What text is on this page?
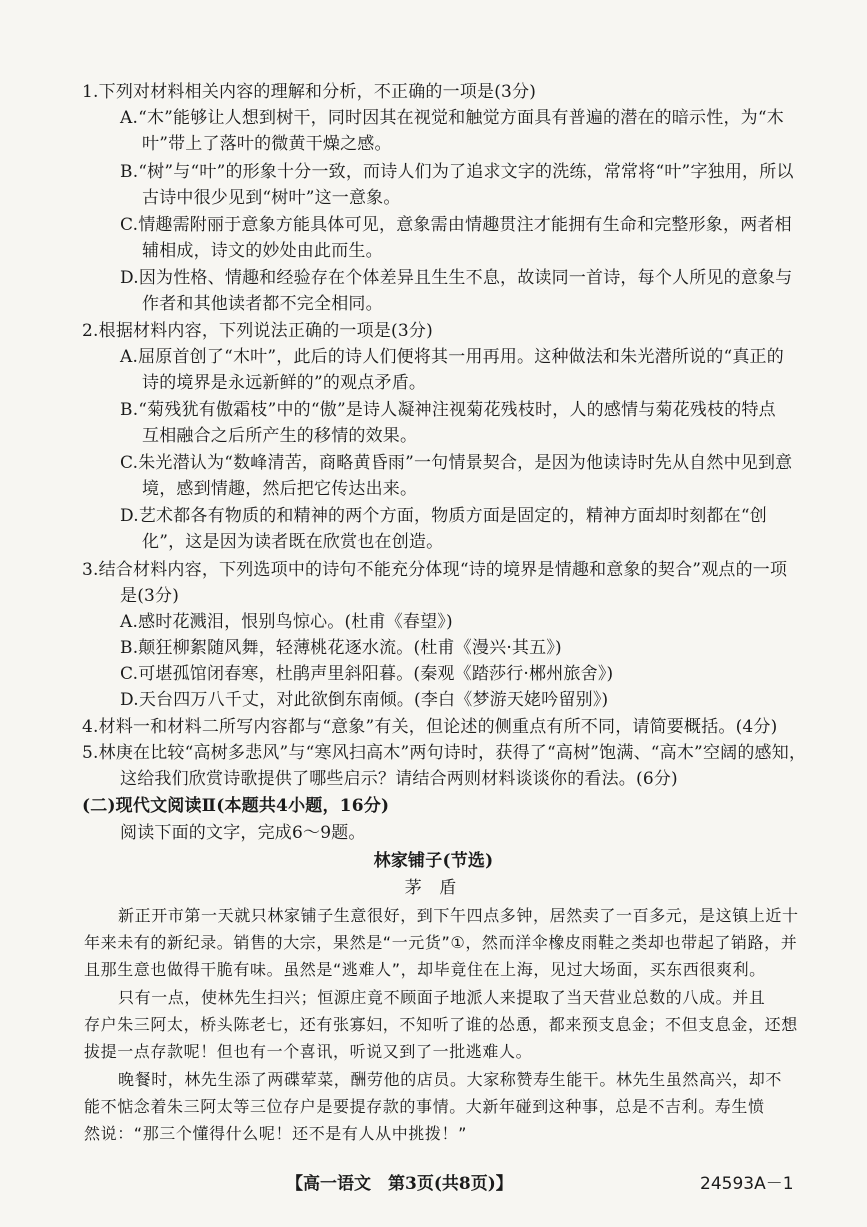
1.下列对材料相关内容的理解和分析，不正确的一项是(3分)
A.“木”能够让人想到树干，同时因其在视觉和触觉方面具有普遍的潜在的暗示性，为“木
叶”带上了落叶的微黄干燥之感。
B.“树”与“叶”的形象十分一致，而诗人们为了追求文字的洗练，常常将“叶”字独用，所以
古诗中很少见到“树叶”这一意象。
C.情趣需附丽于意象方能具体可见，意象需由情趣贯注才能拥有生命和完整形象，两者相
辅相成，诗文的妙处由此而生。
D.因为性格、情趣和经验存在个体差异且生生不息，故读同一首诗，每个人所见的意象与
作者和其他读者都不完全相同。
2.根据材料内容，下列说法正确的一项是(3分)
A.屈原首创了“木叶”，此后的诗人们便将其一用再用。这种做法和朱光潜所说的“真正的
诗的境界是永远新鲜的”的观点矛盾。
B.“菊残犹有傲霜枝”中的“傲”是诗人凝神注视菊花残枝时，人的感情与菊花残枝的特点
互相融合之后所产生的移情的效果。
C.朱光潜认为“数峰清苦，商略黄昏雨”一句情景契合，是因为他读诗时先从自然中见到意
境，感到情趣，然后把它传达出来。
D.艺术都各有物质的和精神的两个方面，物质方面是固定的，精神方面却时刻都在“创
化”，这是因为读者既在欣赏也在创造。
3.结合材料内容，下列选项中的诗句不能充分体现“诗的境界是情趣和意象的契合”观点的一项
是(3分)
A.感时花溅泪，恨别鸟惊心。(杜甫《春望》)
B.颠狂柳絮随风舞，轻薄桃花逐水流。(杜甫《漫兴·其五》)
C.可堪孤馆闭春寒，杜鹃声里斜阳暮。(秦观《踏莎行·郴州旅舍》)
D.天台四万八千丈，对此欲倒东南倾。(李白《梦游天姥吟留别》)
4.材料一和材料二所写内容都与“意象”有关，但论述的侧重点有所不同，请简要概括。(4分)
5.林庚在比较“高树多悲风”与“寒风扫高木”两句诗时，获得了“高树”饱满、“高木”空阔的感知，
这给我们欣赏诗歌提供了哪些启示？请结合两则材料谈谈你的看法。(6分)
(二)现代文阅读Ⅱ(本题共4小题，16分)
阅读下面的文字，完成6～9题。
林家铺子(节选)
茅 盾
新正开市第一天就只林家铺子生意很好，到下午四点多钟，居然卖了一百多元，是这镇上近十
年来未有的新纪录。销售的大宗，果然是“一元货”①，然而洋伞橡皮雨鞋之类却也带起了销路，并
且那生意也做得干脆有味。虽然是“逃难人”，却毕竟住在上海，见过大场面，买东西很爽利。
只有一点，使林先生扫兴；恒源庄竟不顾面子地派人来提取了当天营业总数的八成。并且
存户朱三阿太，桥头陈老七，还有张寡妇，不知听了谁的怂恿，都来预支息金；不但支息金，还想
拔提一点存款呢！但也有一个喜讯，听说又到了一批逃难人。
晚餐时，林先生添了两碟荤菜，酬劳他的店员。大家称赞寿生能干。林先生虽然高兴，却不
能不惦念着朱三阿太等三位存户是要提存款的事情。大新年碰到这种事，总是不吉利。寿生愤
然说：“那三个懂得什么呢！还不是有人从中挑拨！”
【高一语文　第3页(共8页)】	24593A－1
